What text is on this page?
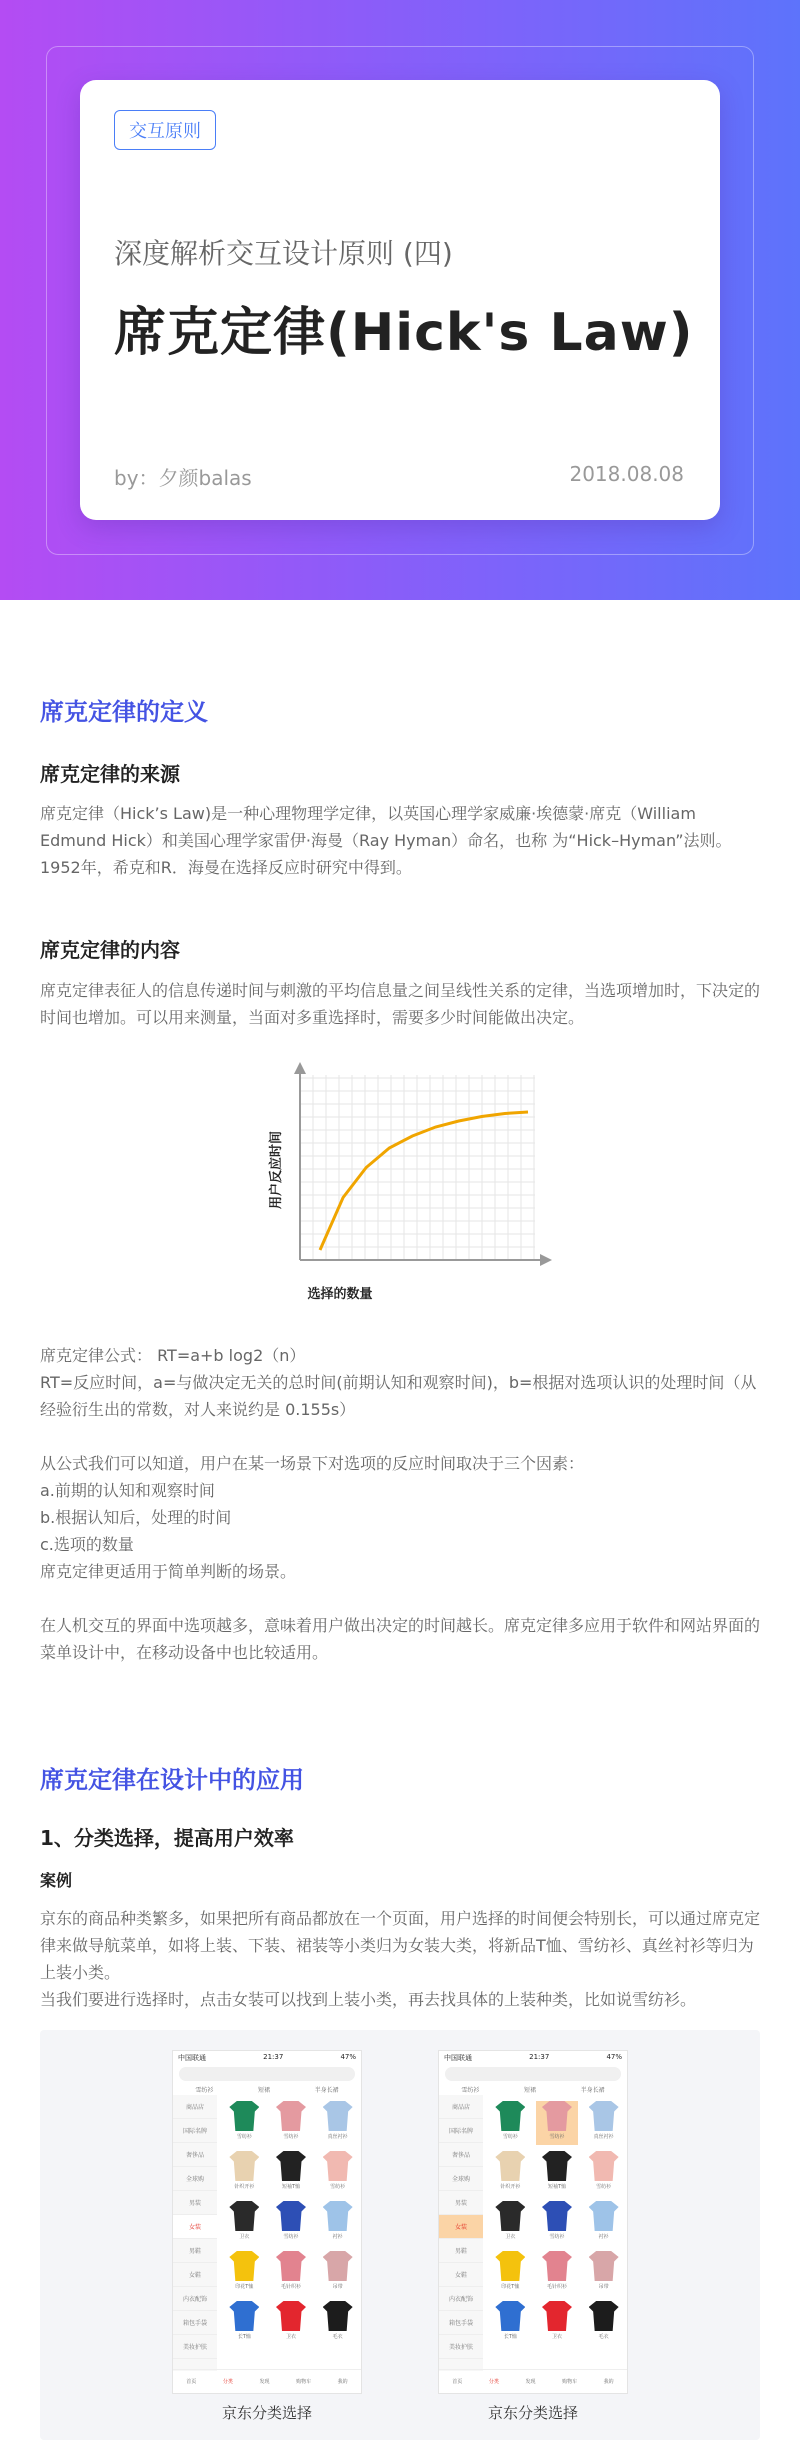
交互原则
深度解析交互设计原则 (四)
席克定律(Hick's Law)
by：夕颜balas	2018.08.08
席克定律的定义
席克定律的来源
席克定律（Hick’s Law)是一种心理物理学定律，以英国心理学家威廉·埃德蒙·席克（William Edmund Hick）和美国心理学家雷伊·海曼（Ray Hyman）命名，也称 为“Hick–Hyman”法则。1952年，希克和R．海曼在选择反应时研究中得到。
席克定律的内容
席克定律表征人的信息传递时间与刺激的平均信息量之间呈线性关系的定律，当选项增加时，下决定的时间也增加。可以用来测量，当面对多重选择时，需要多少时间能做出决定。
用户反应时间
选择的数量
席克定律公式： RT=a+b log2（n）
RT=反应时间，a=与做决定无关的总时间(前期认知和观察时间)，b=根据对选项认识的处理时间（从经验衍生出的常数，对人来说约是 0.155s）
从公式我们可以知道，用户在某一场景下对选项的反应时间取决于三个因素：
a.前期的认知和观察时间
b.根据认知后，处理的时间
c.选项的数量
席克定律更适用于简单判断的场景。
在人机交互的界面中选项越多，意味着用户做出决定的时间越长。席克定律多应用于软件和网站界面的菜单设计中，在移动设备中也比较适用。
席克定律在设计中的应用
1、分类选择，提高用户效率
案例
京东的商品种类繁多，如果把所有商品都放在一个页面，用户选择的时间便会特别长，可以通过席克定律来做导航菜单，如将上装、下装、裙装等小类归为女装大类，将新品T恤、雪纺衫、真丝衬衫等归为上装小类。
当我们要进行选择时，点击女装可以找到上装小类，再去找具体的上装种类，比如说雪纺衫。
中国联通	21:37	47%
雪纺衫	短裙	半身长裙
商品店
国际名牌
奢侈品
全球购
男装
女装
男鞋
女鞋
内衣配饰
箱包手袋
美妆护肤
雪纺衫	雪纺衫	真丝衬衫
针织开衫	短袖T恤	雪纺衫
卫衣	雪纺衫	衬衫
印花T恤	毛针织衫	吊带
长T恤	卫衣	毛衣
首页	分类	发现	购物车	我的
京东分类选择
中国联通	21:37	47%
雪纺衫	短裙	半身长裙
商品店
国际名牌
奢侈品
全球购
男装
女装
男鞋
女鞋
内衣配饰
箱包手袋
美妆护肤
雪纺衫	雪纺衫	真丝衬衫
针织开衫	短袖T恤	雪纺衫
卫衣	雪纺衫	衬衫
印花T恤	毛针织衫	吊带
长T恤	卫衣	毛衣
首页	分类	发现	购物车	我的
京东分类选择
